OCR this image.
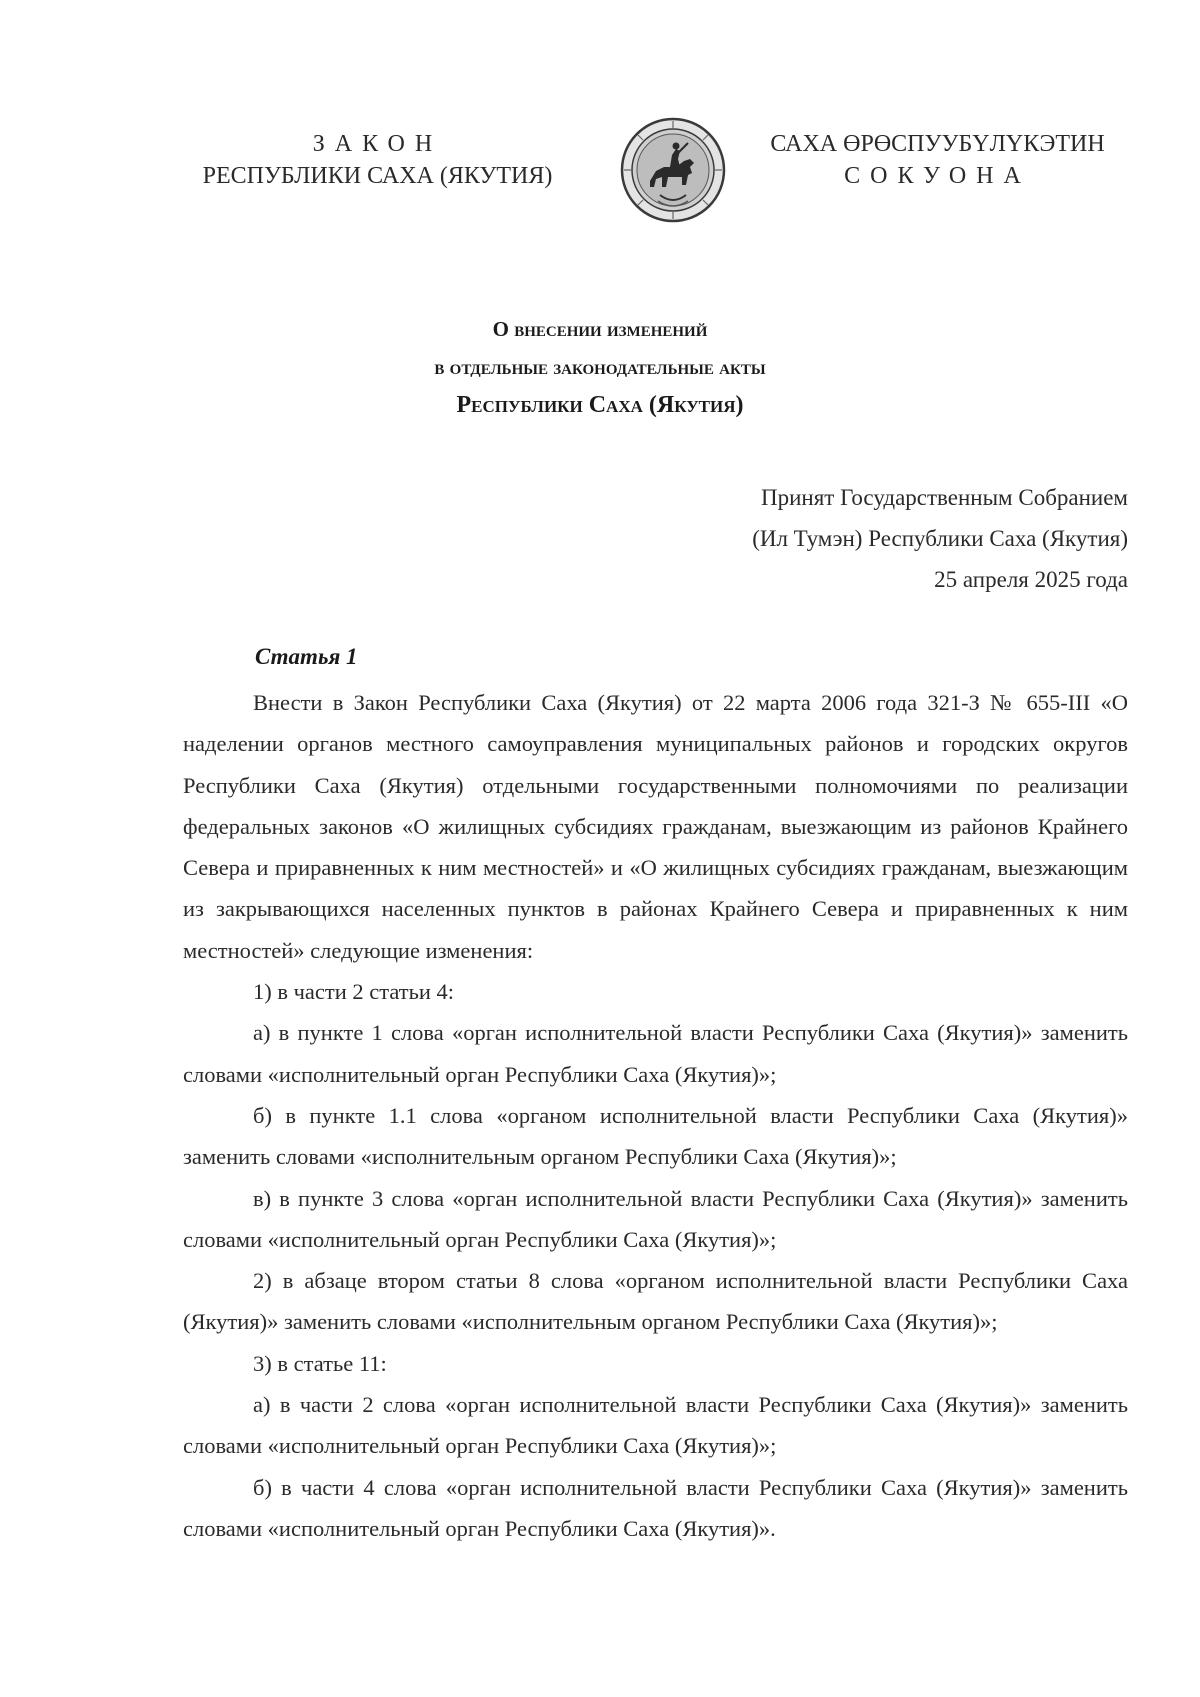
ЗАКОН
РЕСПУБЛИКИ САХА (ЯКУТИЯ)
САХА ӨРӨСПУУБҮЛҮКЭТИН
СОКУОНА
О внесении изменений
в отдельные законодательные акты
Республики Саха (Якутия)
Принят Государственным Собранием
(Ил Тумэн) Республики Саха (Якутия)
25 апреля 2025 года
Статья 1

Внести в Закон Республики Саха (Якутия) от 22 марта 2006 года 321-З № 655-III «О наделении органов местного самоуправления муниципальных районов и городских округов Республики Саха (Якутия) отдельными государственными полномочиями по реализации федеральных законов «О жилищных субсидиях гражданам, выезжающим из районов Крайнего Севера и приравненных к ним местностей» и «О жилищных субсидиях гражданам, выезжающим из закрывающихся населенных пунктов в районах Крайнего Севера и приравненных к ним местностей» следующие изменения:

1) в части 2 статьи 4:

а) в пункте 1 слова «орган исполнительной власти Республики Саха (Якутия)» заменить словами «исполнительный орган Республики Саха (Якутия)»;

б) в пункте 1.1 слова «органом исполнительной власти Республики Саха (Якутия)» заменить словами «исполнительным органом Республики Саха (Якутия)»;

в) в пункте 3 слова «орган исполнительной власти Республики Саха (Якутия)» заменить словами «исполнительный орган Республики Саха (Якутия)»;

2) в абзаце втором статьи 8 слова «органом исполнительной власти Республики Саха (Якутия)» заменить словами «исполнительным органом Республики Саха (Якутия)»;

3) в статье 11:

а) в части 2 слова «орган исполнительной власти Республики Саха (Якутия)» заменить словами «исполнительный орган Республики Саха (Якутия)»;

б) в части 4 слова «орган исполнительной власти Республики Саха (Якутия)» заменить словами «исполнительный орган Республики Саха (Якутия)».
